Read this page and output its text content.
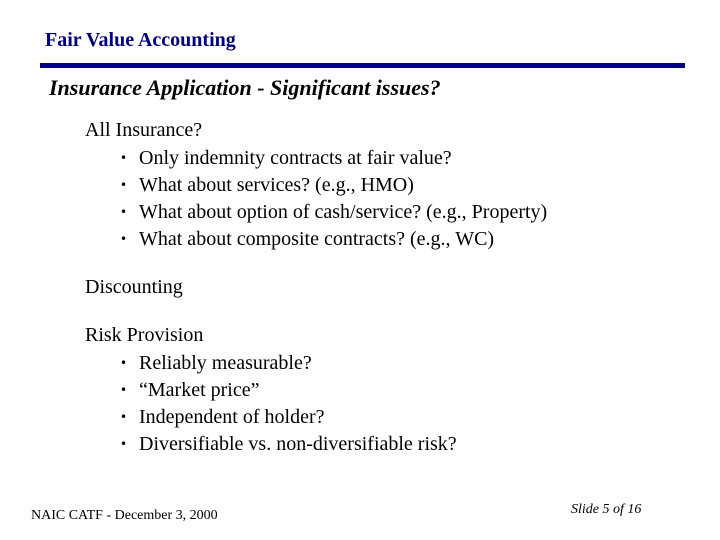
Fair Value Accounting
Insurance Application - Significant issues?
All Insurance?
• Only indemnity contracts at fair value?
• What about services? (e.g., HMO)
• What about option of cash/service? (e.g., Property)
• What about composite contracts? (e.g., WC)
Discounting
Risk Provision
• Reliably measurable?
• “Market price”
• Independent of holder?
• Diversifiable vs. non-diversifiable risk?
NAIC CATF - December 3, 2000	Slide 5 of 16
